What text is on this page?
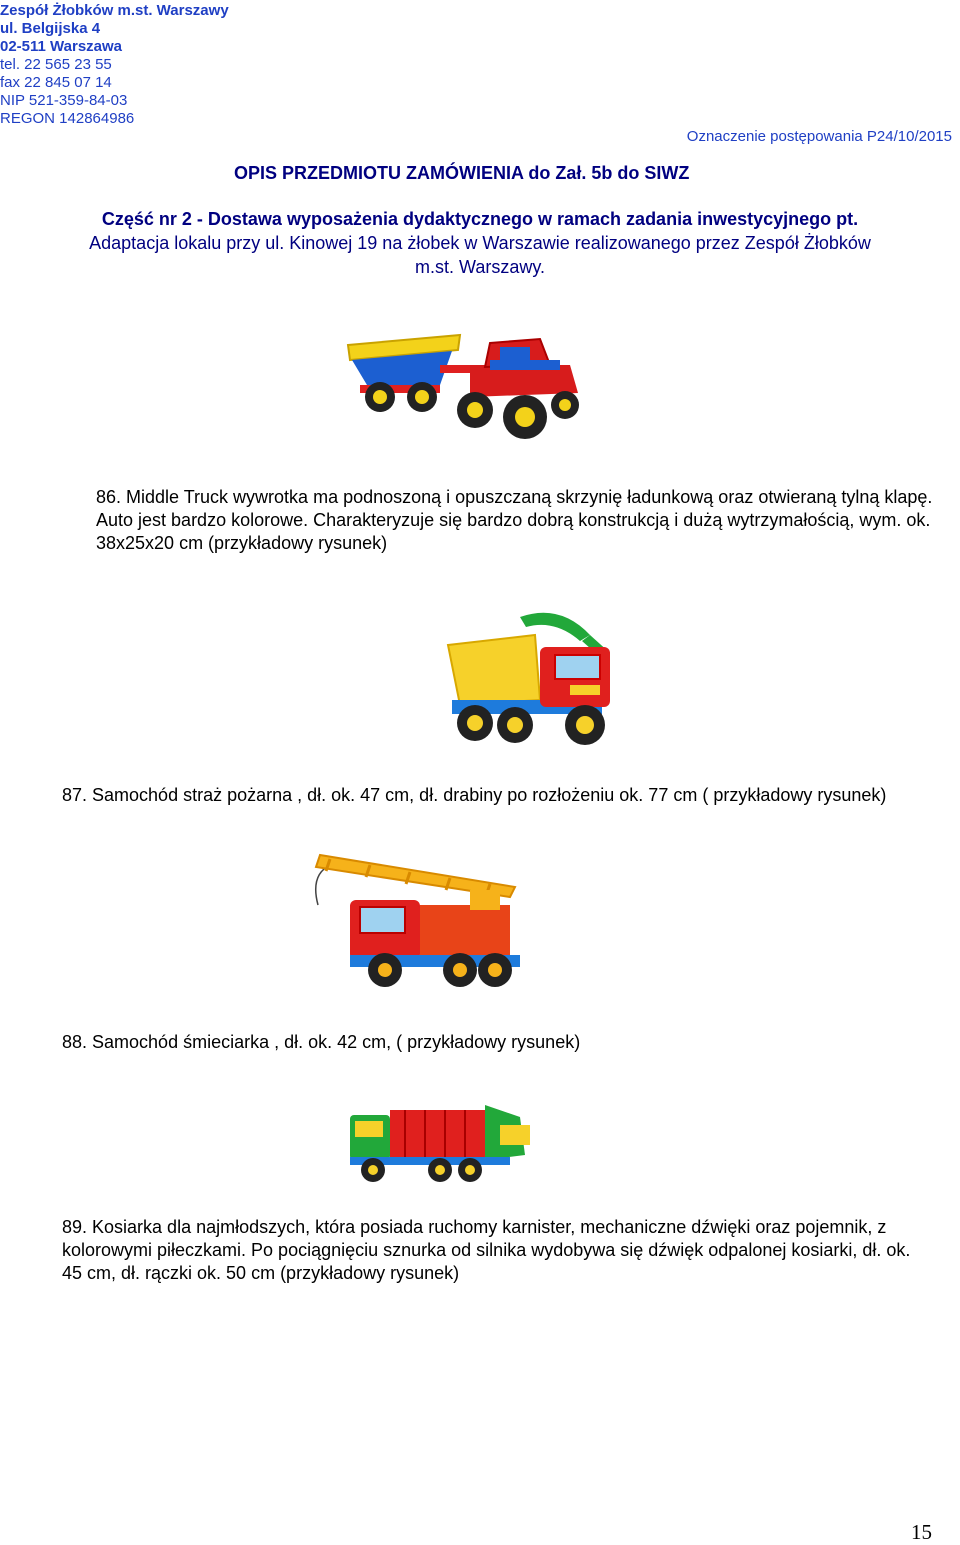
Zespół Żłobków m.st. Warszawy

ul. Belgijska 4

02-511 Warszawa

tel. 22 565 23 55

fax 22 845 07 14

NIP 521-359-84-03

REGON 142864986

Oznaczenie postępowania P24/10/2015
OPIS PRZEDMIOTU ZAMÓWIENIA do Zał. 5b do SIWZ
Część nr 2 - Dostawa wyposażenia dydaktycznego w ramach zadania inwestycyjnego pt.
Adaptacja lokalu przy ul. Kinowej 19 na żłobek w Warszawie realizowanego przez Zespół Żłobków
m.st. Warszawy.
86. Middle Truck wywrotka ma podnoszoną i opuszczaną skrzynię ładunkową oraz otwieraną tylną klapę. Auto jest bardzo kolorowe. Charakteryzuje się bardzo dobrą konstrukcją i dużą wytrzymałością, wym. ok. 38x25x20 cm (przykładowy rysunek)
87. Samochód straż pożarna , dł. ok. 47 cm, dł. drabiny po rozłożeniu ok. 77 cm ( przykładowy rysunek)
88. Samochód śmieciarka , dł. ok. 42 cm, ( przykładowy rysunek)
89. Kosiarka dla najmłodszych, która posiada ruchomy karnister, mechaniczne dźwięki oraz pojemnik, z kolorowymi piłeczkami. Po pociągnięciu sznurka od silnika wydobywa się dźwięk odpalonej kosiarki, dł. ok. 45 cm, dł. rączki ok. 50 cm (przykładowy rysunek)
15
